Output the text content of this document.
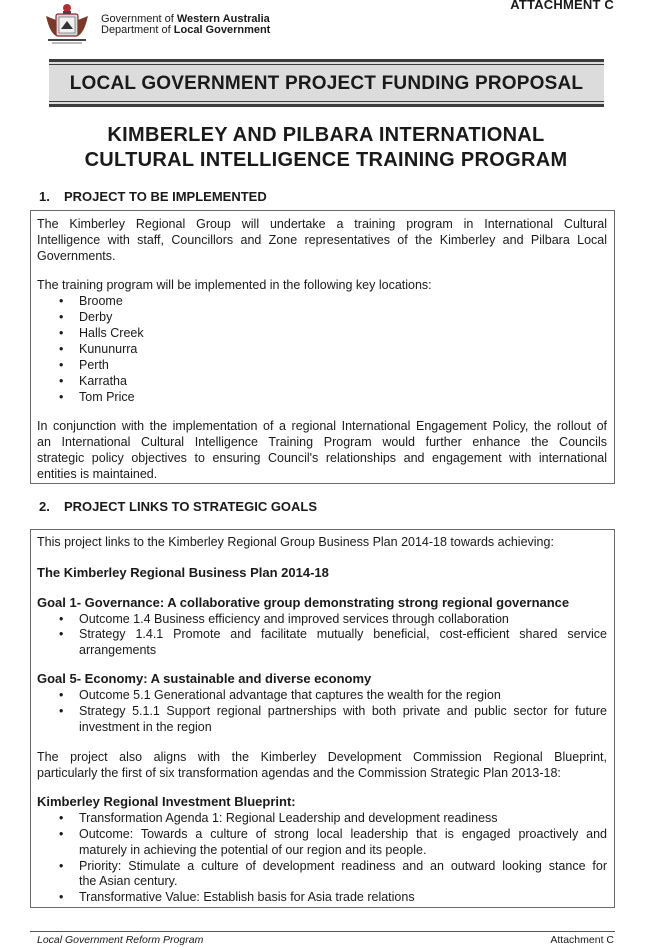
Government of Western Australia
Department of Local Government
ATTACHMENT C
LOCAL GOVERNMENT PROJECT FUNDING PROPOSAL
KIMBERLEY AND PILBARA INTERNATIONAL
CULTURAL INTELLIGENCE TRAINING PROGRAM
1. PROJECT TO BE IMPLEMENTED
The Kimberley Regional Group will undertake a training program in International Cultural
Intelligence with staff, Councillors and Zone representatives of the Kimberley and Pilbara Local
Governments.
The training program will be implemented in the following key locations:
• Broome
• Derby
• Halls Creek
• Kununurra
• Perth
• Karratha
• Tom Price
In conjunction with the implementation of a regional International Engagement Policy, the rollout of
an International Cultural Intelligence Training Program would further enhance the Councils
strategic policy objectives to ensuring Council's relationships and engagement with international
entities is maintained.
2. PROJECT LINKS TO STRATEGIC GOALS
This project links to the Kimberley Regional Group Business Plan 2014-18 towards achieving:
The Kimberley Regional Business Plan 2014-18
Goal 1- Governance: A collaborative group demonstrating strong regional governance
• Outcome 1.4 Business efficiency and improved services through collaboration
• Strategy 1.4.1 Promote and facilitate mutually beneficial, cost-efficient shared service
arrangements
Goal 5- Economy: A sustainable and diverse economy
• Outcome 5.1 Generational advantage that captures the wealth for the region
• Strategy 5.1.1 Support regional partnerships with both private and public sector for future
investment in the region
The project also aligns with the Kimberley Development Commission Regional Blueprint,
particularly the first of six transformation agendas and the Commission Strategic Plan 2013-18:
Kimberley Regional Investment Blueprint:
• Transformation Agenda 1: Regional Leadership and development readiness
• Outcome: Towards a culture of strong local leadership that is engaged proactively and
maturely in achieving the potential of our region and its people.
• Priority: Stimulate a culture of development readiness and an outward looking stance for
the Asian century.
• Transformative Value: Establish basis for Asia trade relations
Local Government Reform Program	Attachment C
